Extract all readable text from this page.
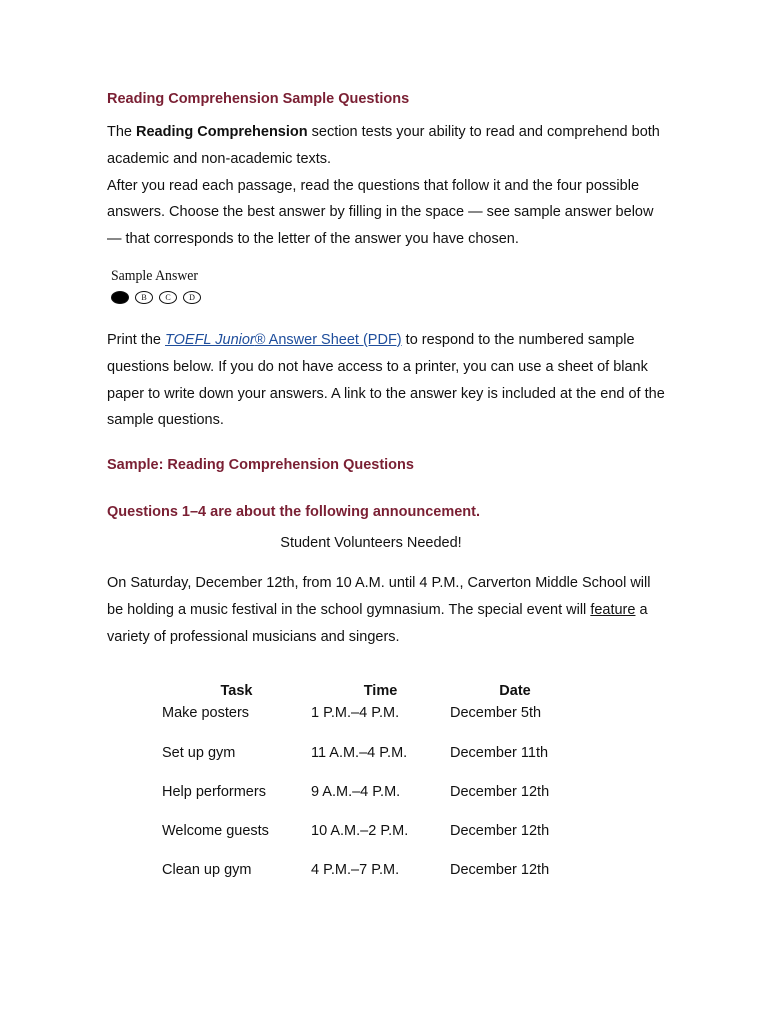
Reading Comprehension Sample Questions

The Reading Comprehension section tests your ability to read and comprehend both academic and non-academic texts.

After you read each passage, read the questions that follow it and the four possible answers. Choose the best answer by filling in the space — see sample answer below — that corresponds to the letter of the answer you have chosen.

Sample Answer
B	C	D

Print the TOEFL Junior® Answer Sheet (PDF) to respond to the numbered sample questions below. If you do not have access to a printer, you can use a sheet of blank paper to write down your answers. A link to the answer key is included at the end of the sample questions.

Sample: Reading Comprehension Questions
Questions 1–4 are about the following announcement.
Student Volunteers Needed!

On Saturday, December 12th, from 10 A.M. until 4 P.M., Carverton Middle School will be holding a music festival in the school gymnasium. The special event will feature a variety of professional musicians and singers.

Task	Time	Date
Make posters	1 P.M.–4 P.M.	December 5th
Set up gym	11 A.M.–4 P.M.	December 11th
Help performers	9 A.M.–4 P.M.	December 12th
Welcome guests	10 A.M.–2 P.M.	December 12th
Clean up gym	4 P.M.–7 P.M.	December 12th
